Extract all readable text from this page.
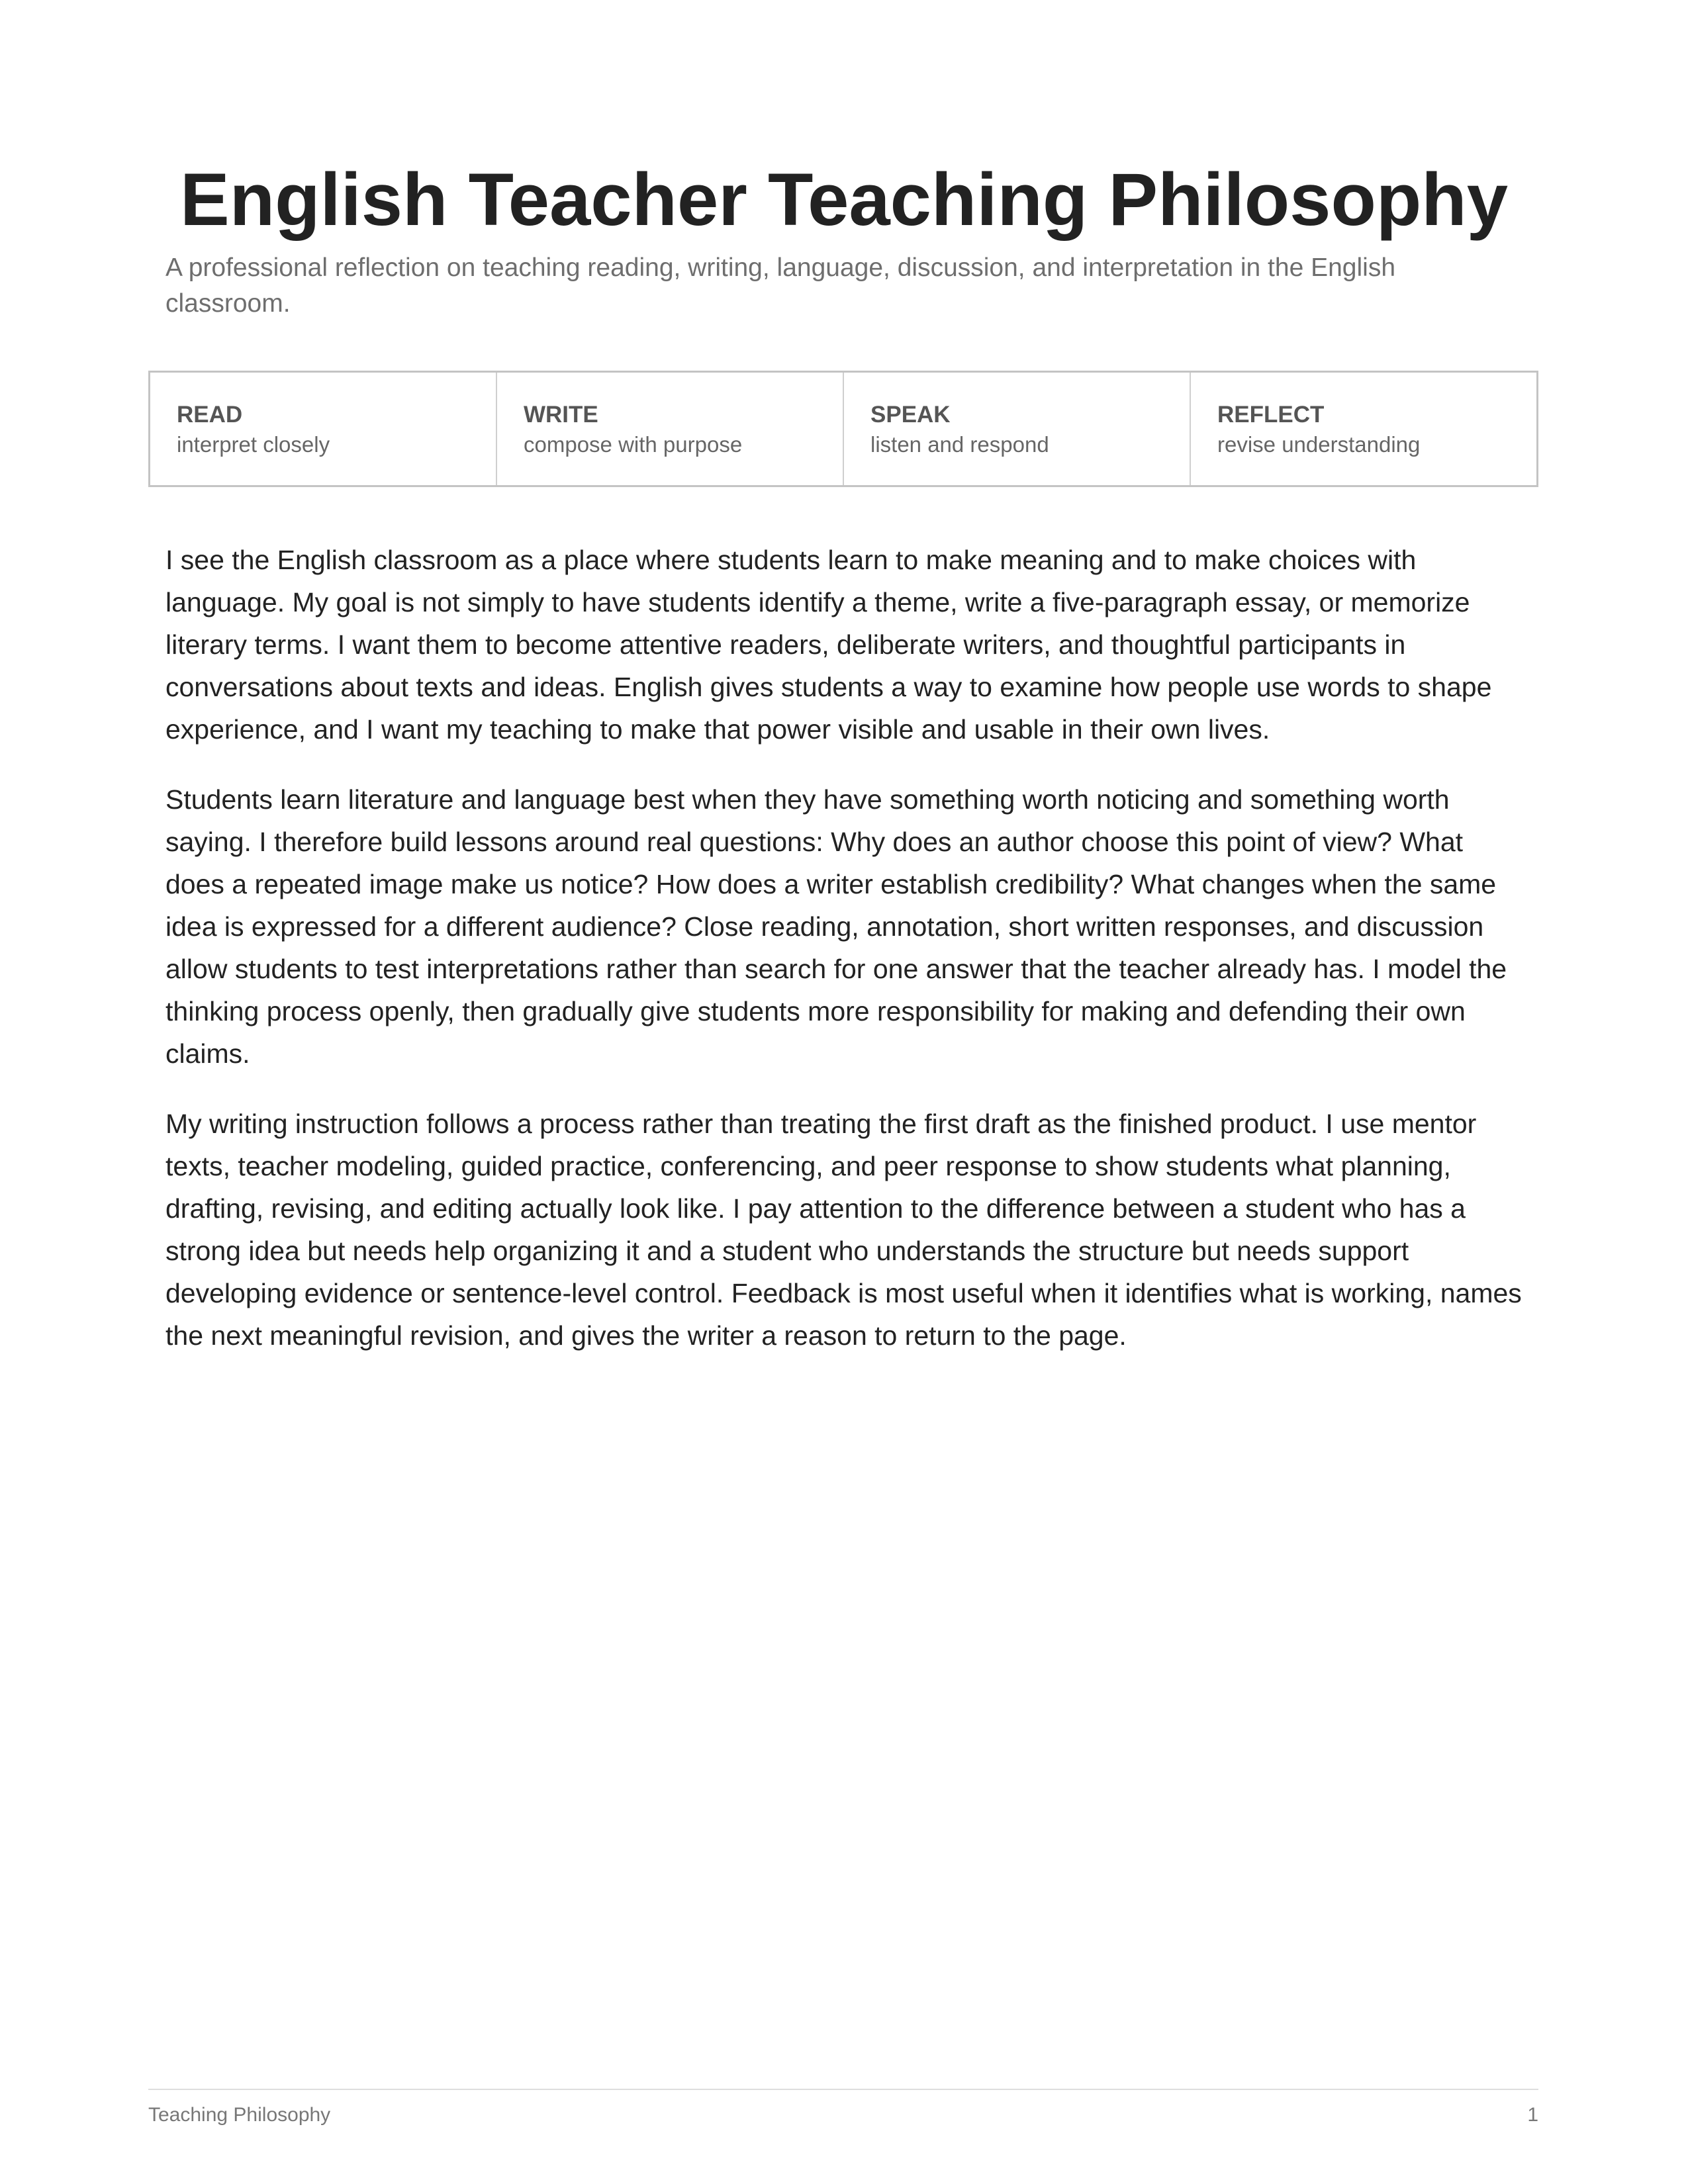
English Teacher Teaching Philosophy

A professional reflection on teaching reading, writing, language, discussion, and interpretation in the English classroom.

READ
interpret closely
WRITE
compose with purpose
SPEAK
listen and respond
REFLECT
revise understanding

I see the English classroom as a place where students learn to make meaning and to make choices with language. My goal is not simply to have students identify a theme, write a five-paragraph essay, or memorize literary terms. I want them to become attentive readers, deliberate writers, and thoughtful participants in conversations about texts and ideas. English gives students a way to examine how people use words to shape experience, and I want my teaching to make that power visible and usable in their own lives.

Students learn literature and language best when they have something worth noticing and something worth saying. I therefore build lessons around real questions: Why does an author choose this point of view? What does a repeated image make us notice? How does a writer establish credibility? What changes when the same idea is expressed for a different audience? Close reading, annotation, short written responses, and discussion allow students to test interpretations rather than search for one answer that the teacher already has. I model the thinking process openly, then gradually give students more responsibility for making and defending their own claims.

My writing instruction follows a process rather than treating the first draft as the finished product. I use mentor texts, teacher modeling, guided practice, conferencing, and peer response to show students what planning, drafting, revising, and editing actually look like. I pay attention to the difference between a student who has a strong idea but needs help organizing it and a student who understands the structure but needs support developing evidence or sentence-level control. Feedback is most useful when it identifies what is working, names the next meaningful revision, and gives the writer a reason to return to the page.

Teaching Philosophy	1
